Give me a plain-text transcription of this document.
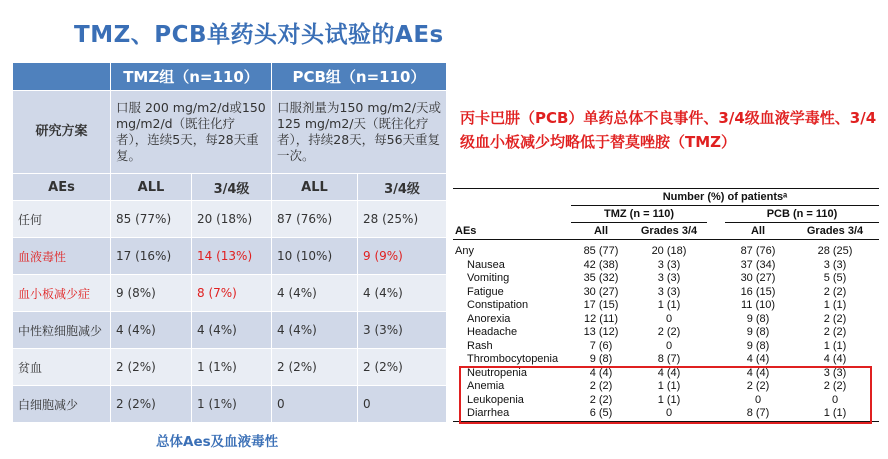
TMZ、PCB单药头对头试验的AEs
	TMZ组（n=110）		PCB组（n=110）	
研究方案	口服 200 mg/m2/d或150 mg/m2/d（既往化疗者），连续5天，每28天重复。		口服剂量为150 mg/m2/天或125 mg/m2/天（既往化疗者），持续28天，每56天重复一次。	
AEs	ALL	3/4级	ALL	3/4级
任何	85 (77%)	20 (18%)	87 (76%)	28 (25%)
血液毒性	17 (16%)	14 (13%)	10 (10%)	9 (9%)
血小板减少症	9 (8%)	8 (7%)	4 (4%)	4 (4%)
中性粒细胞减少	4 (4%)	4 (4%)	4 (4%)	3 (3%)
贫血	2 (2%)	1 (1%)	2 (2%)	2 (2%)
白细胞减少	2 (2%)	1 (1%)	0	0
总体Aes及血液毒性
丙卡巴肼（PCB）单药总体不良事件、3/4级血液学毒性、3/4级血小板减少均略低于替莫唑胺（TMZ）
	Number (%) of patientsᵃ				
	TMZ (n = 110)			PCB (n = 110)	
AEs	All	Grades 3/4		All	Grades 3/4

Any	85 (77)	20 (18)		87 (76)	28 (25)
Nausea	42 (38)	3 (3)		37 (34)	3 (3)
Vomiting	35 (32)	3 (3)		30 (27)	5 (5)
Fatigue	30 (27)	3 (3)		16 (15)	2 (2)
Constipation	17 (15)	1 (1)		11 (10)	1 (1)
Anorexia	12 (11)	0		9 (8)	2 (2)
Headache	13 (12)	2 (2)		9 (8)	2 (2)
Rash	7 (6)	0		9 (8)	1 (1)
Thrombocytopenia	9 (8)	8 (7)		4 (4)	4 (4)
Neutropenia	4 (4)	4 (4)		4 (4)	3 (3)
Anemia	2 (2)	1 (1)		2 (2)	2 (2)
Leukopenia	2 (2)	1 (1)		0	0
Diarrhea	6 (5)	0		8 (7)	1 (1)
